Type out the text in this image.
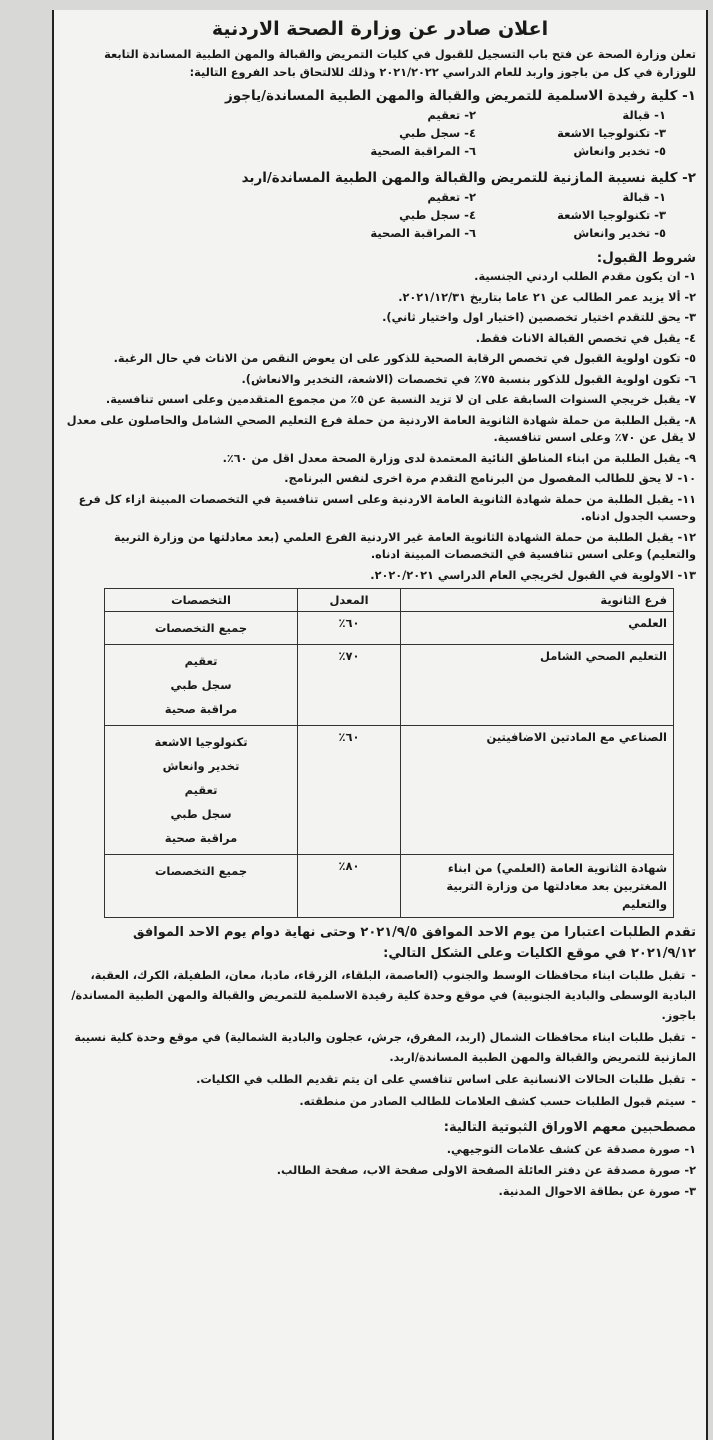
اعلان صادر عن وزارة الصحة الاردنية
تعلن وزارة الصحة عن فتح باب التسجيل للقبول في كليات التمريض والقبالة والمهن الطبية المساندة التابعة للوزارة في كل من باجوز واربد للعام الدراسي ٢٠٢١/٢٠٢٢ وذلك للالتحاق باحد الفروع التالية:
١- كلية رفيدة الاسلمية للتمريض والقبالة والمهن الطبية المساندة/ياجوز
١- قبالة
٢- تعقيم
٣- تكنولوجيا الاشعة
٤- سجل طبي
٥- تخدير وانعاش
٦- المراقبة الصحية
٢- كلية نسيبة المازنية للتمريض والقبالة والمهن الطبية المساندة/اربد
١- قبالة
٢- تعقيم
٣- تكنولوجيا الاشعة
٤- سجل طبي
٥- تخدير وانعاش
٦- المراقبة الصحية
شروط القبول:
١- ان يكون مقدم الطلب اردني الجنسية.
٢- ألا يزيد عمر الطالب عن ٢١ عاما بتاريخ ٢٠٢١/١٢/٣١.
٣- يحق للتقدم اختيار تخصصين (اختيار اول واختيار ثاني).
٤- يقبل في تخصص القبالة الاناث فقط.
٥- تكون اولوية القبول في تخصص الرقابة الصحية للذكور على ان يعوض النقص من الاناث في حال الرغبة.
٦- تكون اولوية القبول للذكور بنسبة ٧٥٪ في تخصصات (الاشعة، التخدير والانعاش).
٧- يقبل خريجي السنوات السابقة على ان لا تزيد النسبة عن ٥٪ من مجموع المتقدمين وعلى اسس تنافسية.
٨- يقبل الطلبة من حملة شهادة الثانوية العامة الاردنية من حملة فرع التعليم الصحي الشامل والحاصلون على معدل لا يقل عن ٧٠٪ وعلى اسس تنافسية.
٩- يقبل الطلبة من ابناء المناطق النائية المعتمدة لدى وزارة الصحة معدل اقل من ٦٠٪.
١٠- لا يحق للطالب المفصول من البرنامج التقدم مرة اخرى لنفس البرنامج.
١١- يقبل الطلبة من حملة شهادة الثانوية العامة الاردنية وعلى اسس تنافسية في التخصصات المبينة ازاء كل فرع وحسب الجدول ادناه.
١٢- يقبل الطلبة من حملة الشهادة الثانوية العامة غير الاردنية الفرع العلمي (بعد معادلتها من وزارة التربية والتعليم) وعلى اسس تنافسية في التخصصات المبينة ادناه.
١٣- الاولوية في القبول لخريجي العام الدراسي ٢٠٢٠/٢٠٢١.
فرع الثانوية	المعدل	التخصصات
العلمي	٦٠٪	جميع التخصصات

التعليم الصحي الشامل	٧٠٪	تعقيم
سجل طبي
مراقبة صحية

الصناعي مع المادتين الاضافيتين	٦٠٪	تكنولوجيا الاشعة
تخدير وانعاش
تعقيم
سجل طبي
مراقبة صحية

شهادة الثانوية العامة (العلمي) من ابناء المغتربين بعد معادلتها من وزارة التربية والتعليم	٨٠٪	جميع التخصصات
تقدم الطلبات اعتبارا من يوم الاحد الموافق ٢٠٢١/٩/٥ وحتى نهاية دوام يوم الاحد الموافق ٢٠٢١/٩/١٢ في موقع الكليات وعلى الشكل التالي:
-تقبل طلبات ابناء محافظات الوسط والجنوب (العاصمة، البلقاء، الزرقاء، مادبا، معان، الطفيلة، الكرك، العقبة، البادية الوسطى والبادية الجنوبية) في موقع وحدة كلية رفيدة الاسلمية للتمريض والقبالة والمهن الطبية المساندة/باجوز.
-تقبل طلبات ابناء محافظات الشمال (اربد، المفرق، جرش، عجلون والبادية الشمالية) في موقع وحدة كلية نسيبة المازنية للتمريض والقبالة والمهن الطبية المساندة/اربد.
-تقبل طلبات الحالات الانسانية على اساس تنافسي على ان يتم تقديم الطلب في الكليات.
-سيتم قبول الطلبات حسب كشف العلامات للطالب الصادر من منطقته.
مصطحبين معهم الاوراق الثبوتية التالية:
١- صورة مصدقة عن كشف علامات التوجيهي.
٢- صورة مصدقة عن دفتر العائلة الصفحة الاولى صفحة الاب، صفحة الطالب.
٣- صورة عن بطاقة الاحوال المدنية.
